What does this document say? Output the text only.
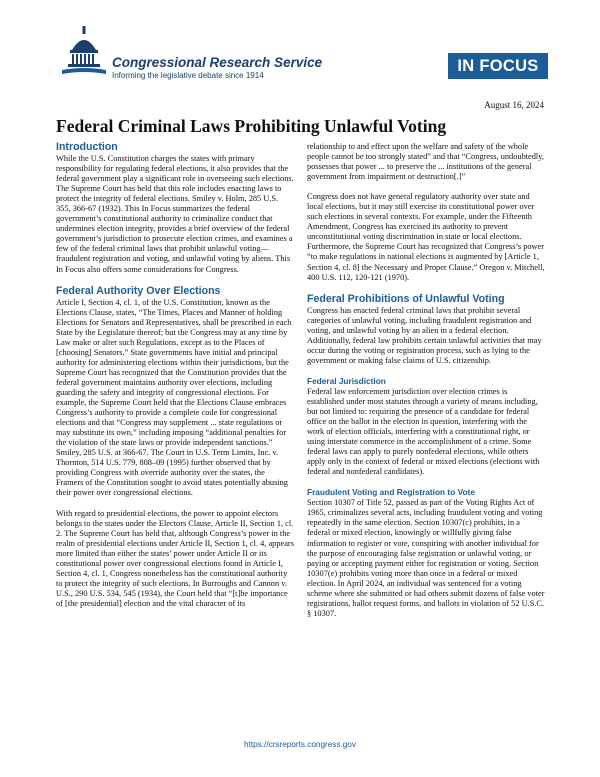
Congressional Research Service
Informing the legislative debate since 1914
IN FOCUS
August 16, 2024
Federal Criminal Laws Prohibiting Unlawful Voting
Introduction

While the U.S. Constitution charges the states with primary responsibility for regulating federal elections, it also provides that the federal government play a significant role in overseeing such elections. The Supreme Court has held that this role includes enacting laws to protect the integrity of federal elections. Smiley v. Holm, 285 U.S. 355, 366-67 (1932). This In Focus summarizes the federal government’s constitutional authority to criminalize conduct that undermines election integrity, provides a brief overview of the federal government’s jurisdiction to prosecute election crimes, and examines a few of the federal criminal laws that prohibit unlawful voting—fraudulent registration and voting, and unlawful voting by aliens. This In Focus also offers some considerations for Congress.

Federal Authority Over Elections

Article I, Section 4, cl. 1, of the U.S. Constitution, known as the Elections Clause, states, “The Times, Places and Manner of holding Elections for Senators and Representatives, shall be prescribed in each State by the Legislature thereof; but the Congress may at any time by Law make or alter such Regulations, except as to the Places of [choosing] Senators.” State governments have initial and principal authority for administering elections within their jurisdictions, but the Supreme Court has recognized that the Constitution provides that the federal government maintains authority over elections, including guarding the safety and integrity of congressional elections. For example, the Supreme Court held that the Elections Clause embraces Congress’s authority to provide a complete code for congressional elections and that “Congress may supplement ... state regulations or may substitute its own,” including imposing “additional penalties for the violation of the state laws or provide independent sanctions.” Smiley, 285 U.S. at 366-67. The Court in U.S. Term Limits, Inc. v. Thornton, 514 U.S. 779, 808–09 (1995) further observed that by providing Congress with override authority over the states, the Framers of the Constitution sought to avoid states potentially abusing their power over congressional elections.

With regard to presidential elections, the power to appoint electors belongs to the states under the Electors Clause, Article II, Section 1, cl. 2. The Supreme Court has held that, although Congress’s power in the realm of presidential elections under Article II, Section 1, cl. 4, appears more limited than either the states’ power under Article II or its constitutional power over congressional elections found in Article I, Section 4, cl. 1, Congress nonetheless has the constitutional authority to protect the integrity of such elections. In Burroughs and Cannon v. U.S., 290 U.S. 534, 545 (1934), the Court held that “[t]he importance of [the presidential] election and the vital character of its

relationship to and effect upon the welfare and safety of the whole people cannot be too strongly stated” and that “Congress, undoubtedly, possesses that power ... to preserve the ... institutions of the general government from impairment or destruction[.]”

Congress does not have general regulatory authority over state and local elections, but it may still exercise its constitutional power over such elections in several contexts. For example, under the Fifteenth Amendment, Congress has exercised its authority to prevent unconstitutional voting discrimination in state or local elections. Furthermore, the Supreme Court has recognized that Congress’s power “to make regulations in national elections is augmented by [Article 1, Section 4, cl. 8] the Necessary and Proper Clause.” Oregon v. Mitchell, 400 U.S. 112, 120-121 (1970).

Federal Prohibitions of Unlawful Voting

Congress has enacted federal criminal laws that prohibit several categories of unlawful voting, including fraudulent registration and voting, and unlawful voting by an alien in a federal election. Additionally, federal law prohibits certain unlawful activities that may occur during the voting or registration process, such as lying to the government or making false claims of U.S. citizenship.

Federal Jurisdiction

Federal law enforcement jurisdiction over election crimes is established under most statutes through a variety of means including, but not limited to: requiring the presence of a candidate for federal office on the ballot in the election in question, interfering with the work of election officials, interfering with a constitutional right, or using interstate commerce in the accomplishment of a crime. Some federal laws can apply to purely nonfederal elections, while others apply only in the context of federal or mixed elections (elections with federal and nonfederal candidates).

Fraudulent Voting and Registration to Vote

Section 10307 of Title 52, passed as part of the Voting Rights Act of 1965, criminalizes several acts, including fraudulent voting and voting repeatedly in the same election. Section 10307(c) prohibits, in a federal or mixed election, knowingly or willfully giving false information to register or vote, conspiring with another individual for the purpose of encouraging false registration or unlawful voting, or paying or accepting payment either for registration or voting. Section 10307(e) prohibits voting more than once in a federal or mixed election. In April 2024, an individual was sentenced for a voting scheme where she submitted or had others submit dozens of false voter registrations, ballot request forms, and ballots in violation of 52 U.S.C. § 10307.

https://crsreports.congress.gov
